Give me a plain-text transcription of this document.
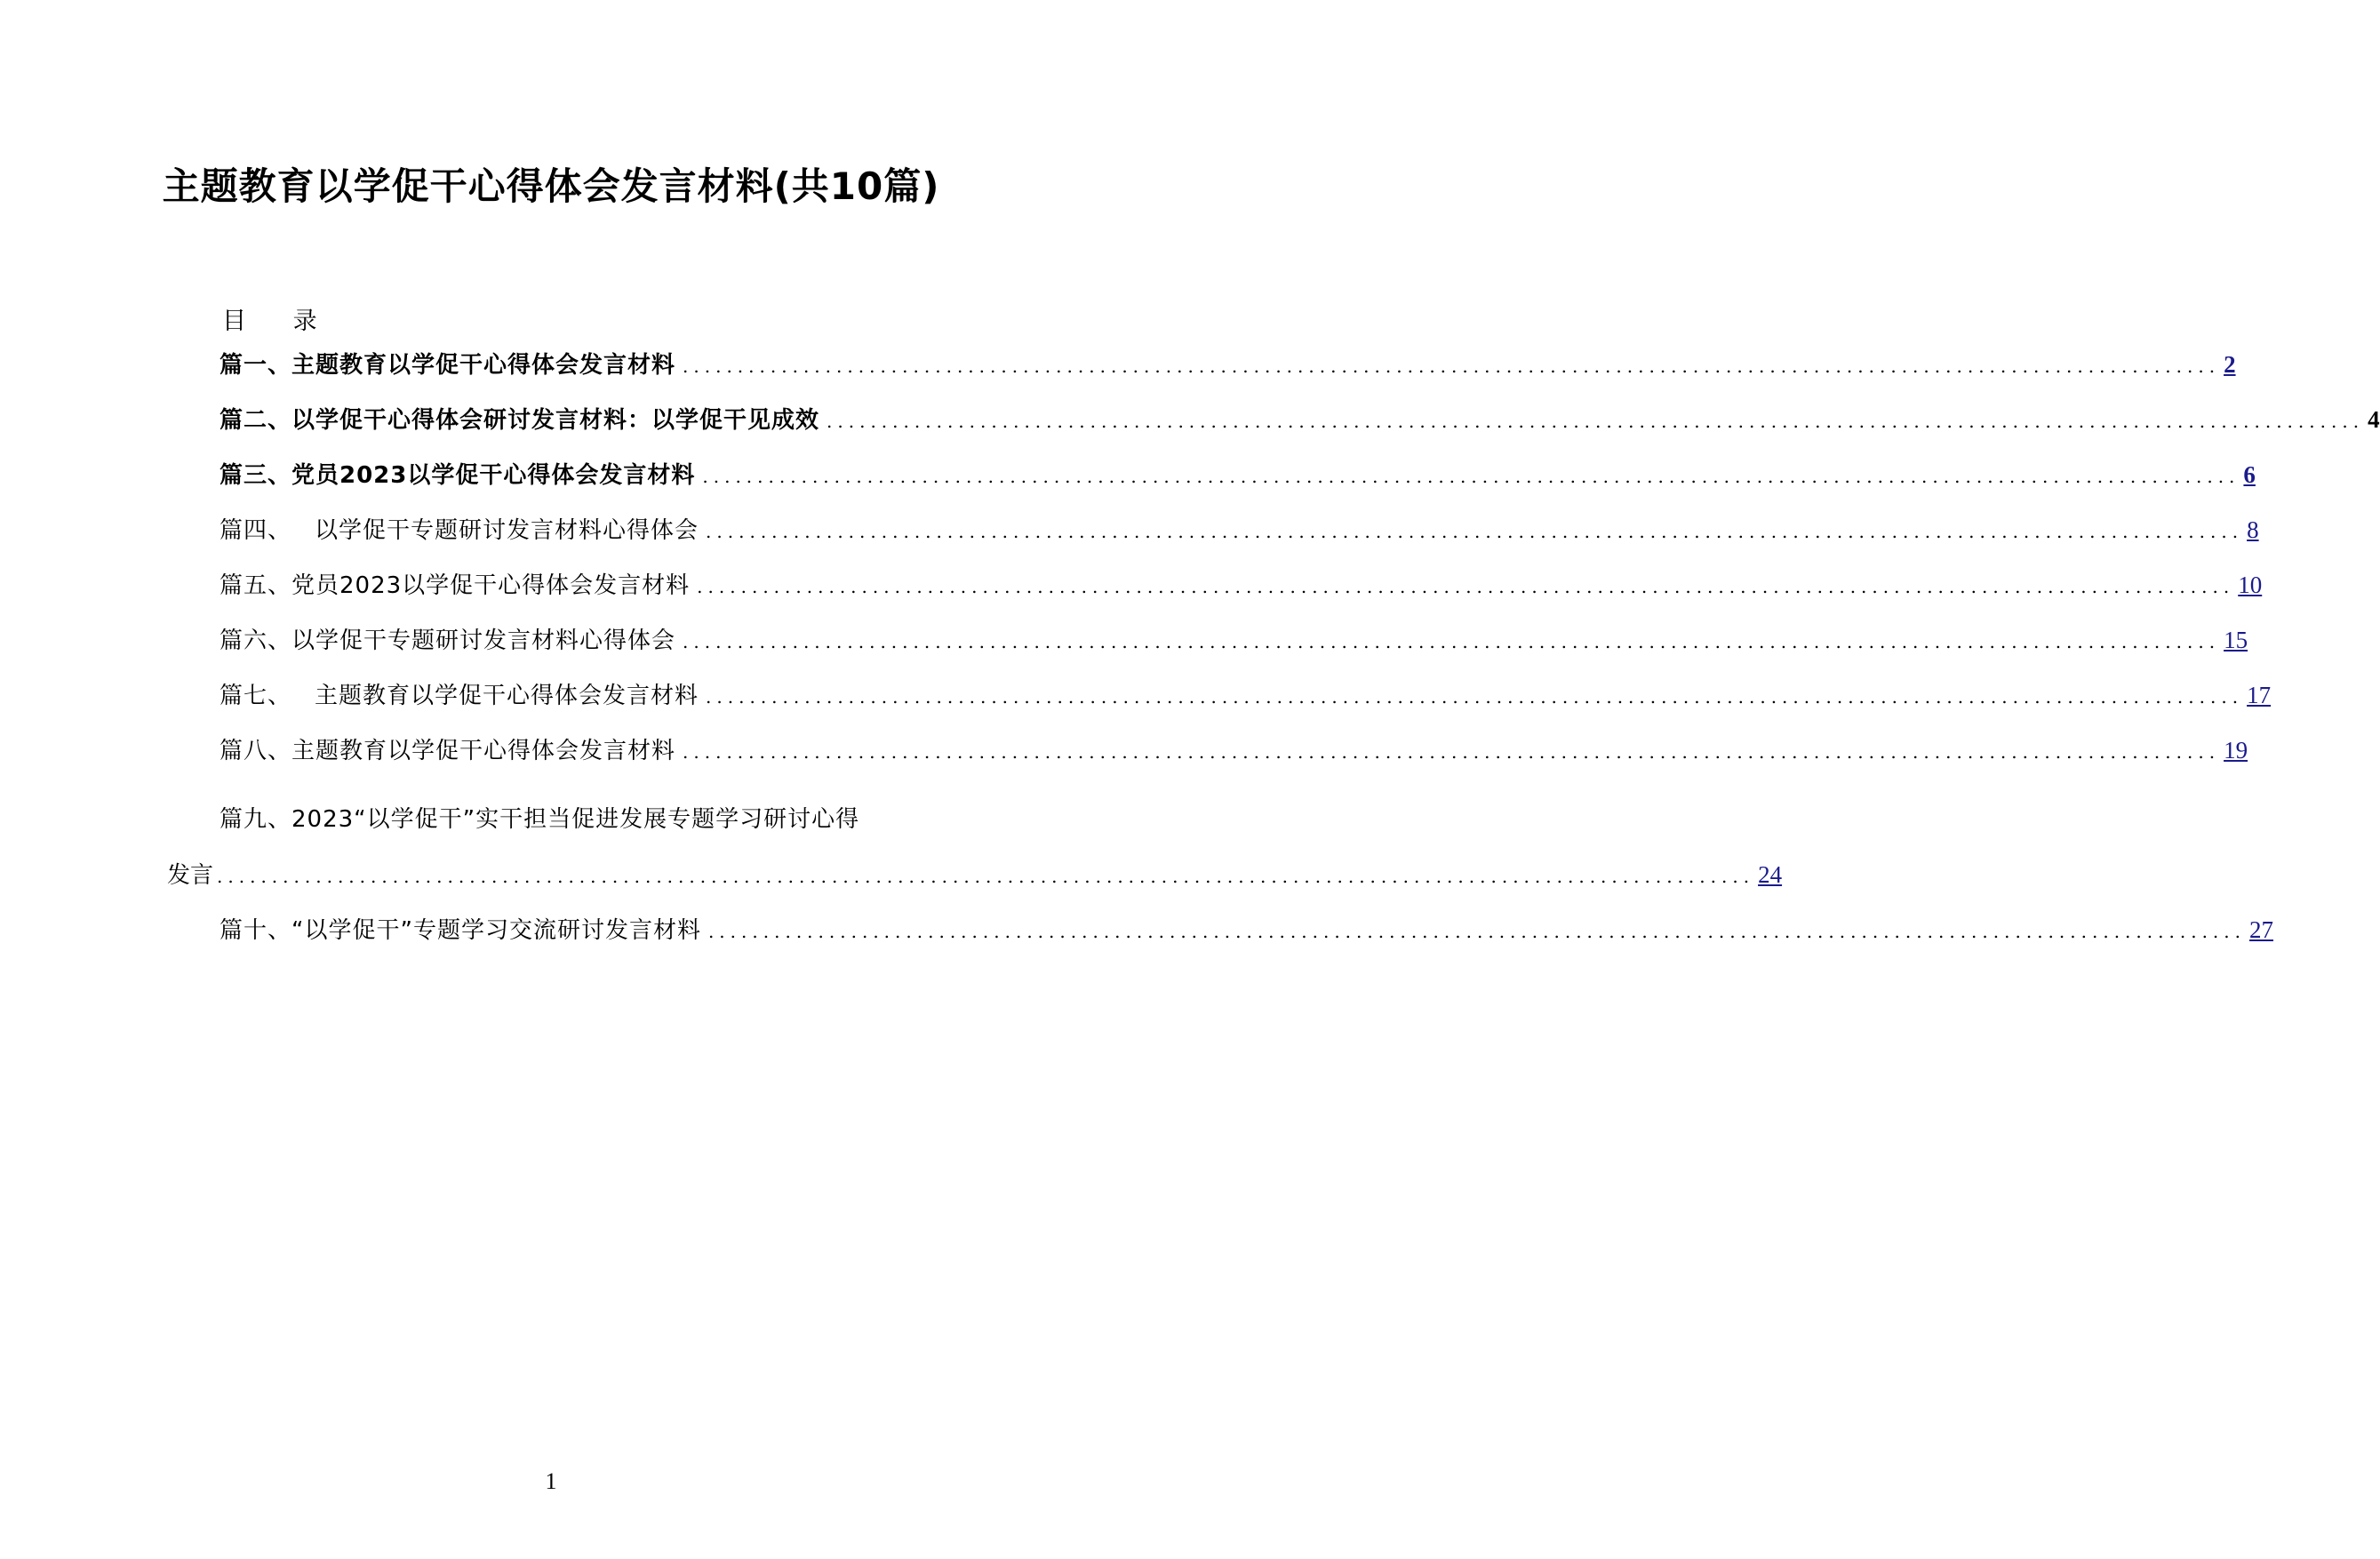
主题教育以学促干心得体会发言材料(共10篇)
目 录
篇一、主题教育以学促干心得体会发言材料 ............................................................................................................................................ 2
篇二、以学促干心得体会研讨发言材料：以学促干见成效 ............................................................................................................................................ 4
篇三、党员2023以学促干心得体会发言材料 ............................................................................................................................................ 6
篇四、 以学促干专题研讨发言材料心得体会 ............................................................................................................................................ 8
篇五、党员2023以学促干心得体会发言材料 ............................................................................................................................................ 10
篇六、以学促干专题研讨发言材料心得体会 ............................................................................................................................................ 15
篇七、 主题教育以学促干心得体会发言材料 ............................................................................................................................................ 17
篇八、主题教育以学促干心得体会发言材料 ............................................................................................................................................ 19
篇九、2023“以学促干”实干担当促进发展专题学习研讨心得
发言 ............................................................................................................................................ 24
篇十、“以学促干”专题学习交流研讨发言材料 ............................................................................................................................................ 27
1
